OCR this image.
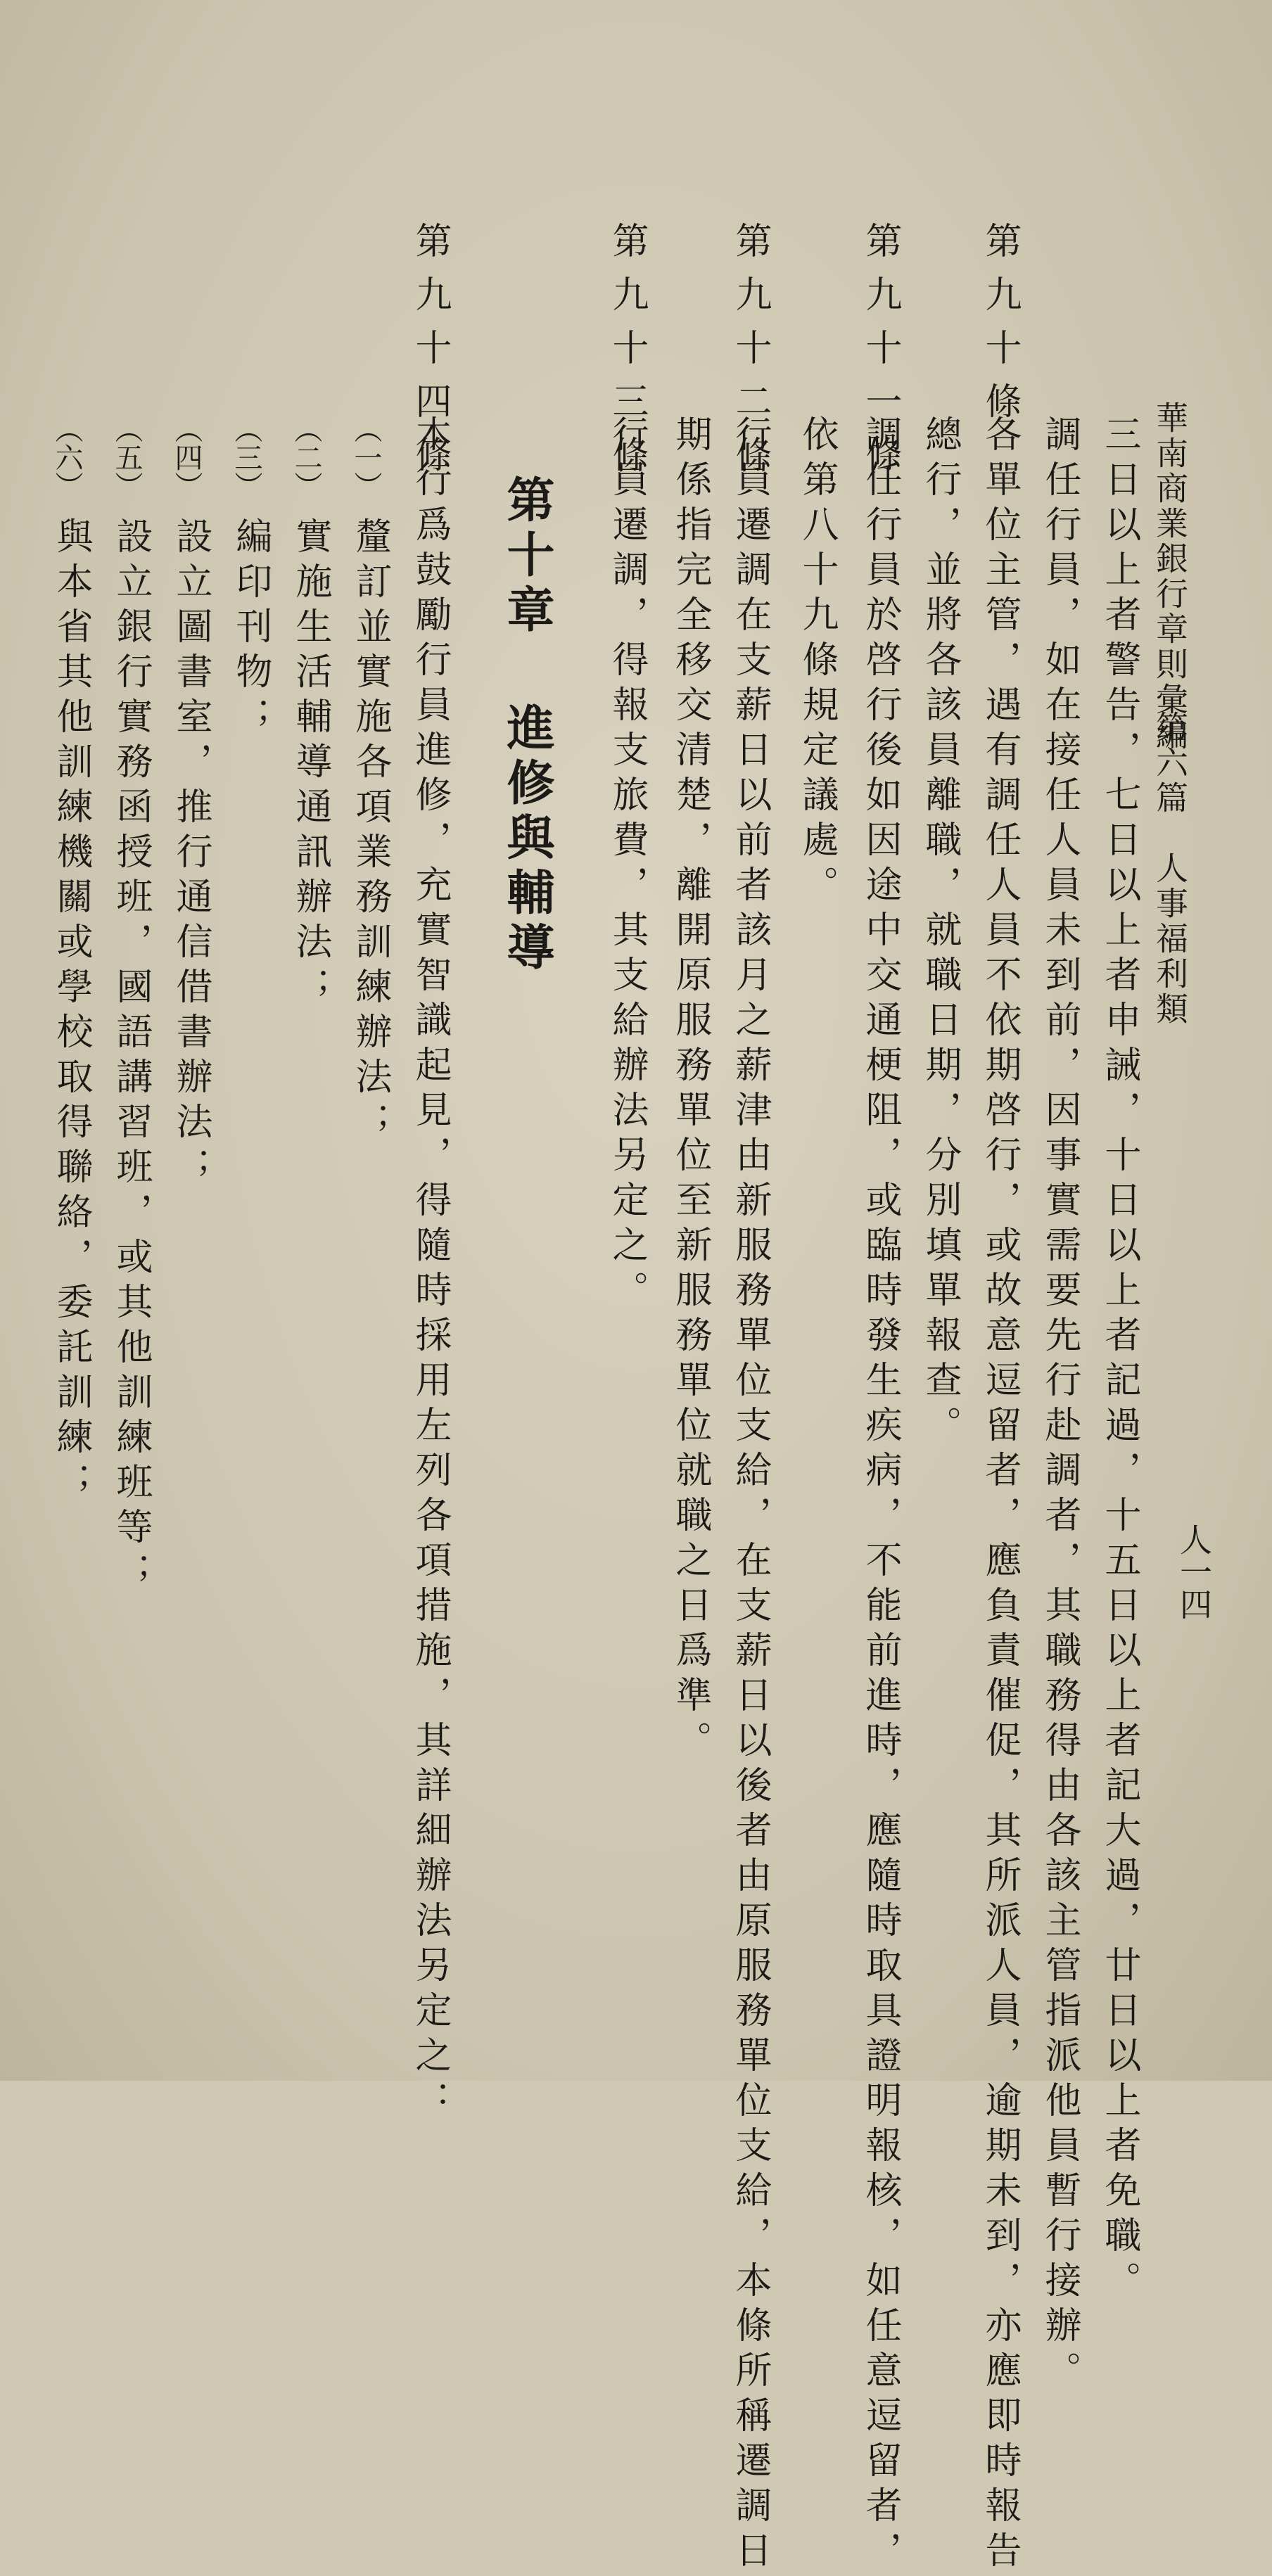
華南商業銀行章則彙編
第六篇　人事福利類
人一四
三日以上者警告，七日以上者申誡，十日以上者記過，十五日以上者記大過，廿日以上者免職。
第九十條
調任行員，如在接任人員未到前，因事實需要先行赴調者，其職務得由各該主管指派他員暫行接辦。
各單位主管，遇有調任人員不依期啓行，或故意逗留者，應負責催促，其所派人員，逾期未到，亦應即時報告
總行，並將各該員離職，就職日期，分別填單報查。
第九十一條
調任行員於啓行後如因途中交通梗阻，或臨時發生疾病，不能前進時，應隨時取具證明報核，如任意逗留者，
依第八十九條規定議處。
第九十二條
行員遷調在支薪日以前者該月之薪津由新服務單位支給，在支薪日以後者由原服務單位支給，本條所稱遷調日
期係指完全移交清楚，離開原服務單位至新服務單位就職之日爲準。
第九十三條
行員遷調，得報支旅費，其支給辦法另定之。
第十章進修與輔導
第九十四條
本行爲鼓勵行員進修，充實智識起見，得隨時採用左列各項措施，其詳細辦法另定之：
（一）
釐訂並實施各項業務訓練辦法；
（二）
實施生活輔導通訊辦法；
（三）
編印刊物；
（四）
設立圖書室，推行通信借書辦法；
（五）
設立銀行實務函授班，國語講習班，或其他訓練班等；
（六）
與本省其他訓練機關或學校取得聯絡，委託訓練；
